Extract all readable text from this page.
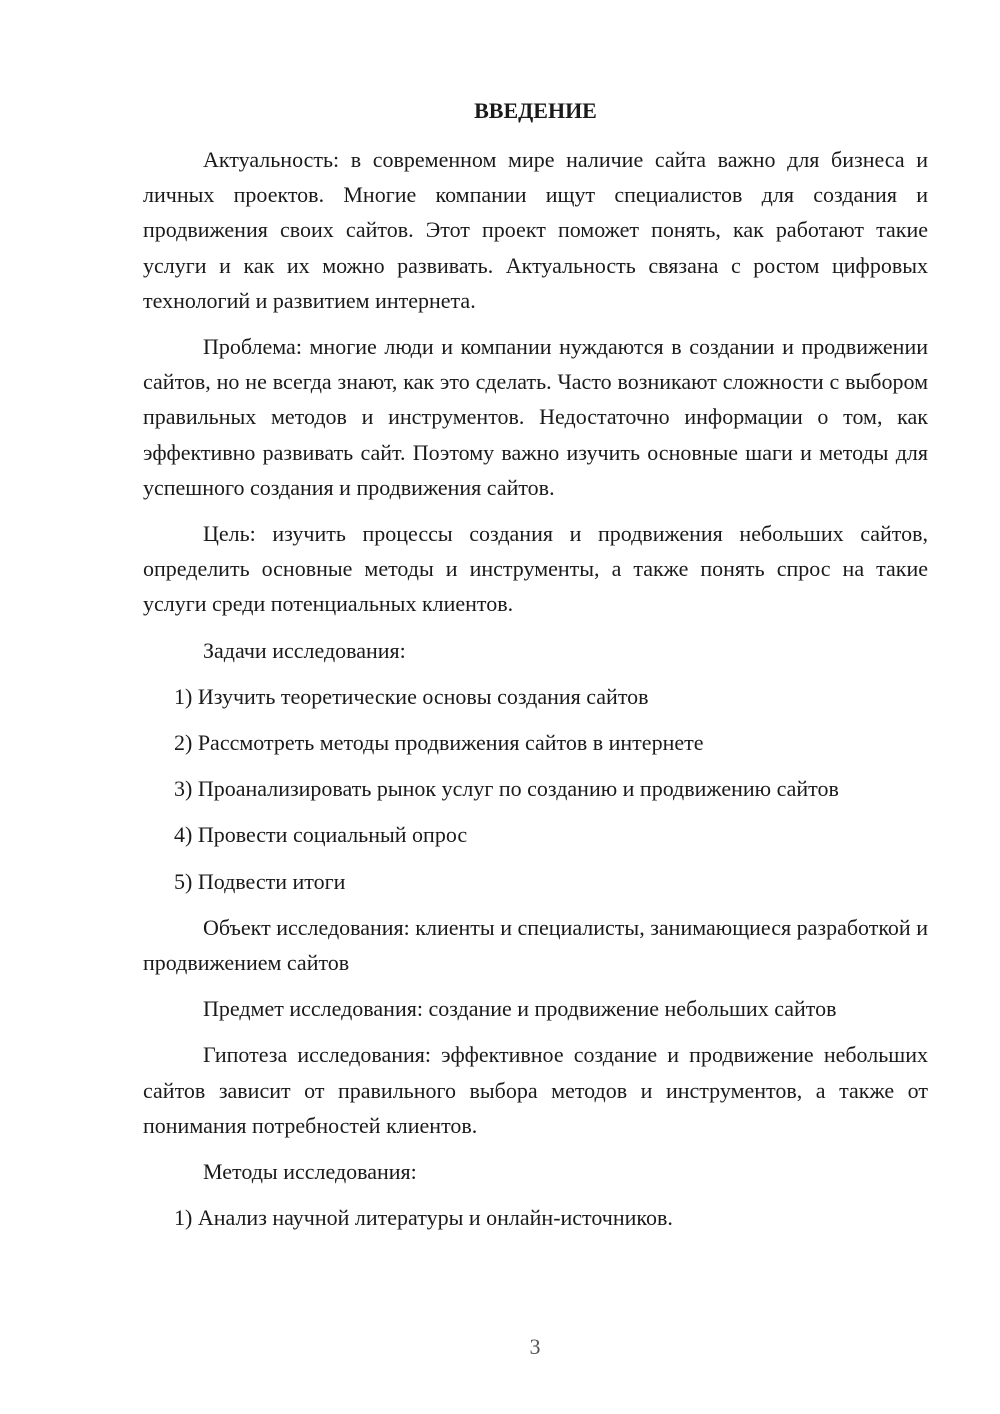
ВВЕДЕНИЕ

Актуальность: в современном мире наличие сайта важно для бизнеса и личных проектов. Многие компании ищут специалистов для создания и продвижения своих сайтов. Этот проект поможет понять, как работают такие услуги и как их можно развивать. Актуальность связана с ростом цифровых технологий и развитием интернета.

Проблема: многие люди и компании нуждаются в создании и продвижении сайтов, но не всегда знают, как это сделать. Часто возникают сложности с выбором правильных методов и инструментов. Недостаточно информации о том, как эффективно развивать сайт. Поэтому важно изучить основные шаги и методы для успешного создания и продвижения сайтов.

Цель: изучить процессы создания и продвижения небольших сайтов, определить основные методы и инструменты, а также понять спрос на такие услуги среди потенциальных клиентов.

Задачи исследования:

1) Изучить теоретические основы создания сайтов

2) Рассмотреть методы продвижения сайтов в интернете

3) Проанализировать рынок услуг по созданию и продвижению сайтов

4) Провести социальный опрос

5) Подвести итоги

Объект исследования: клиенты и специалисты, занимающиеся разработкой и продвижением сайтов

Предмет исследования: создание и продвижение небольших сайтов

Гипотеза исследования: эффективное создание и продвижение небольших сайтов зависит от правильного выбора методов и инструментов, а также от понимания потребностей клиентов.

Методы исследования:

1) Анализ научной литературы и онлайн-источников.

3
